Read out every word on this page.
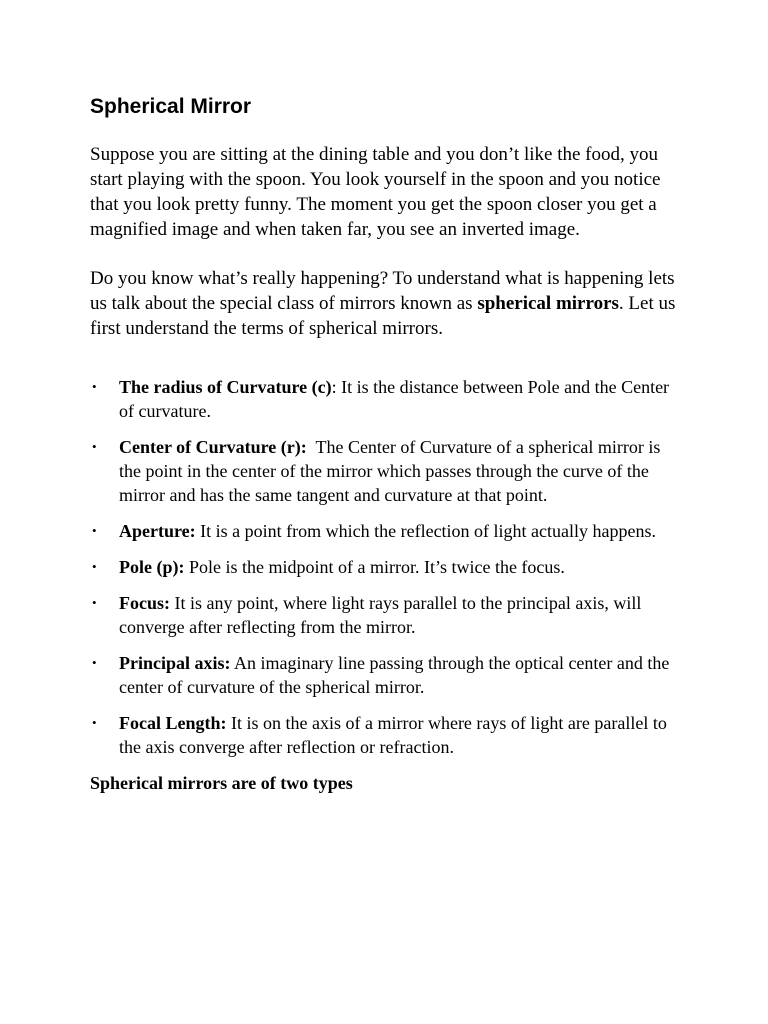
Spherical Mirror

Suppose you are sitting at the dining table and you don’t like the food, you start playing with the spoon. You look yourself in the spoon and you notice that you look pretty funny. The moment you get the spoon closer you get a magnified image and when taken far, you see an inverted image.

Do you know what’s really happening? To understand what is happening lets us talk about the special class of mirrors known as spherical mirrors. Let us first understand the terms of spherical mirrors.

• The radius of Curvature (c): It is the distance between Pole and the Center of curvature.
• Center of Curvature (r):  The Center of Curvature of a spherical mirror is the point in the center of the mirror which passes through the curve of the mirror and has the same tangent and curvature at that point.
• Aperture: It is a point from which the reflection of light actually happens.
• Pole (p): Pole is the midpoint of a mirror. It’s twice the focus.
• Focus: It is any point, where light rays parallel to the principal axis, will converge after reflecting from the mirror.
• Principal axis: An imaginary line passing through the optical center and the center of curvature of the spherical mirror.
• Focal Length: It is on the axis of a mirror where rays of light are parallel to the axis converge after reflection or refraction.
Spherical mirrors are of two types
